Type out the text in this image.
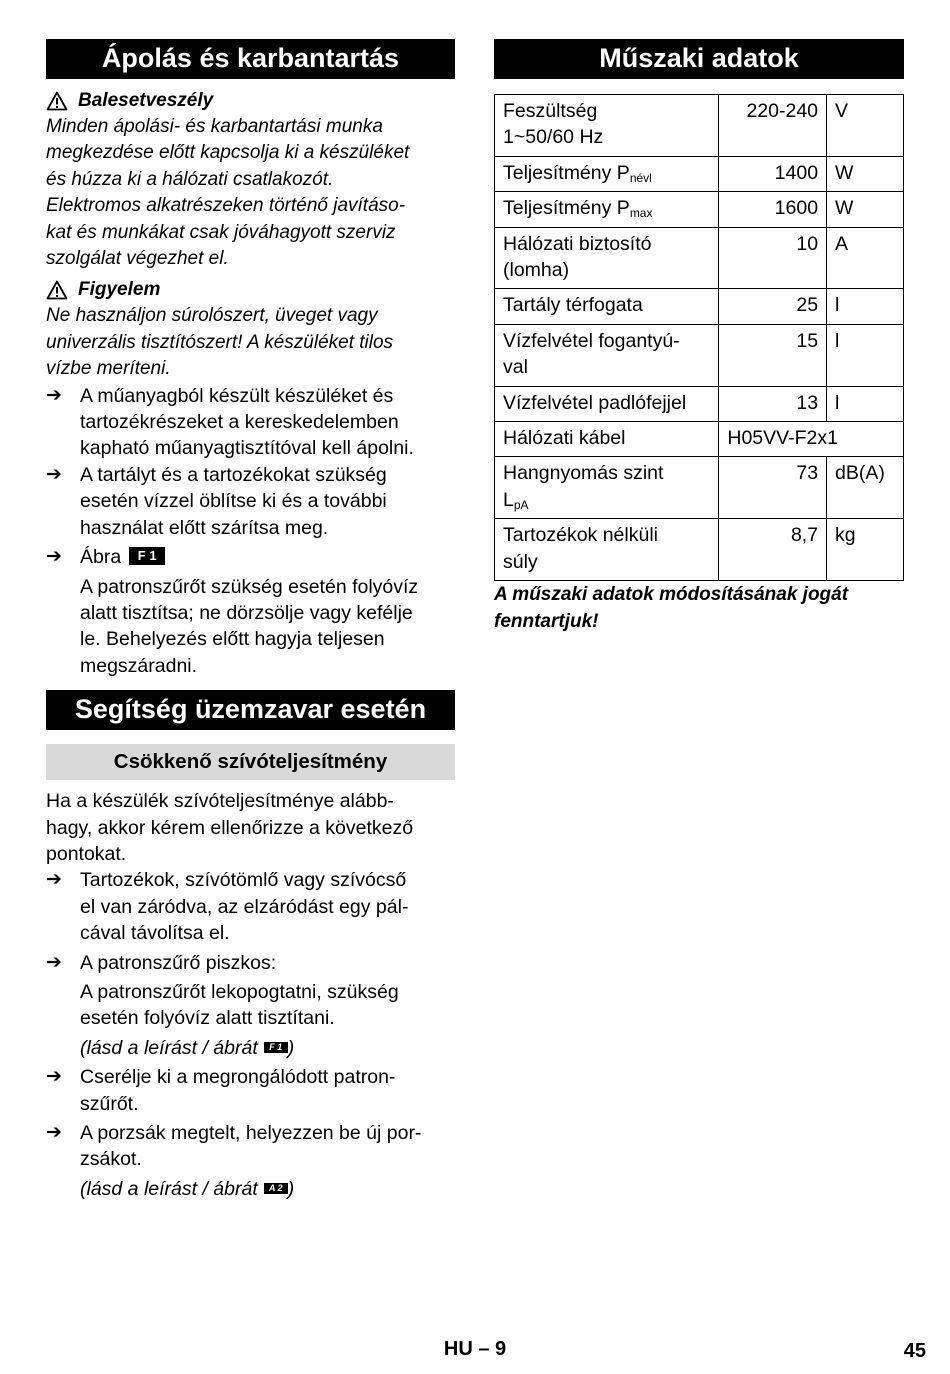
Ápolás és karbantartás
Balesetveszély

Minden ápolási- és karbantartási munka
megkezdése előtt kapcsolja ki a készüléket
és húzza ki a hálózati csatlakozót.
Elektromos alkatrészeken történő javításo-
kat és munkákat csak jóváhagyott szerviz
szolgálat végezhet el.

Figyelem

Ne használjon súrolószert, üveget vagy
univerzális tisztítószert! A készüléket tilos
vízbe meríteni.

➔ A műanyagból készült készüléket és
tartozékrészeket a kereskedelemben
kapható műanyagtisztítóval kell ápolni.
➔ A tartályt és a tartozékokat szükség
esetén vízzel öblítse ki és a további
használat előtt szárítsa meg.
➔ Ábra F 1
A patronszűrőt szükség esetén folyóvíz
alatt tisztítsa; ne dörzsölje vagy kefélje
le. Behelyezés előtt hagyja teljesen
megszáradni.
Segítség üzemzavar esetén
Csökkenő szívóteljesítmény

Ha a készülék szívóteljesítménye alább-
hagy, akkor kérem ellenőrizze a következő
pontokat.

➔ Tartozékok, szívótömlő vagy szívócső
el van záródva, az elzáródást egy pál-
cával távolítsa el.
➔ A patronszűrő piszkos:
A patronszűrőt lekopogtatni, szükség
esetén folyóvíz alatt tisztítani.
(lásd a leírást / ábrát F 1 )
➔ Cserélje ki a megrongálódott patron-
szűrőt.
➔ A porzsák megtelt, helyezzen be új por-
zsákot.
(lásd a leírást / ábrát A 2 )
Műszaki adatok
Feszültség
1~50/60 Hz	220-240	V
Teljesítmény $P_{névl}$	1400	W
Teljesítmény $P_{max}$	1600	W
Hálózati biztosító
(lomha)	10	A
Tartály térfogata	25	l
Vízfelvétel fogantyú-
val	15	l
Vízfelvétel padlófejjel	13	l
Hálózati kábel	H05VV-F2x1	
Hangnyomás szint
$L_{pA}$	73	dB(A)
Tartozékok nélküli
súly	8,7	kg
A műszaki adatok módosításának jogát
fenntartjuk!
HU – 9	45
